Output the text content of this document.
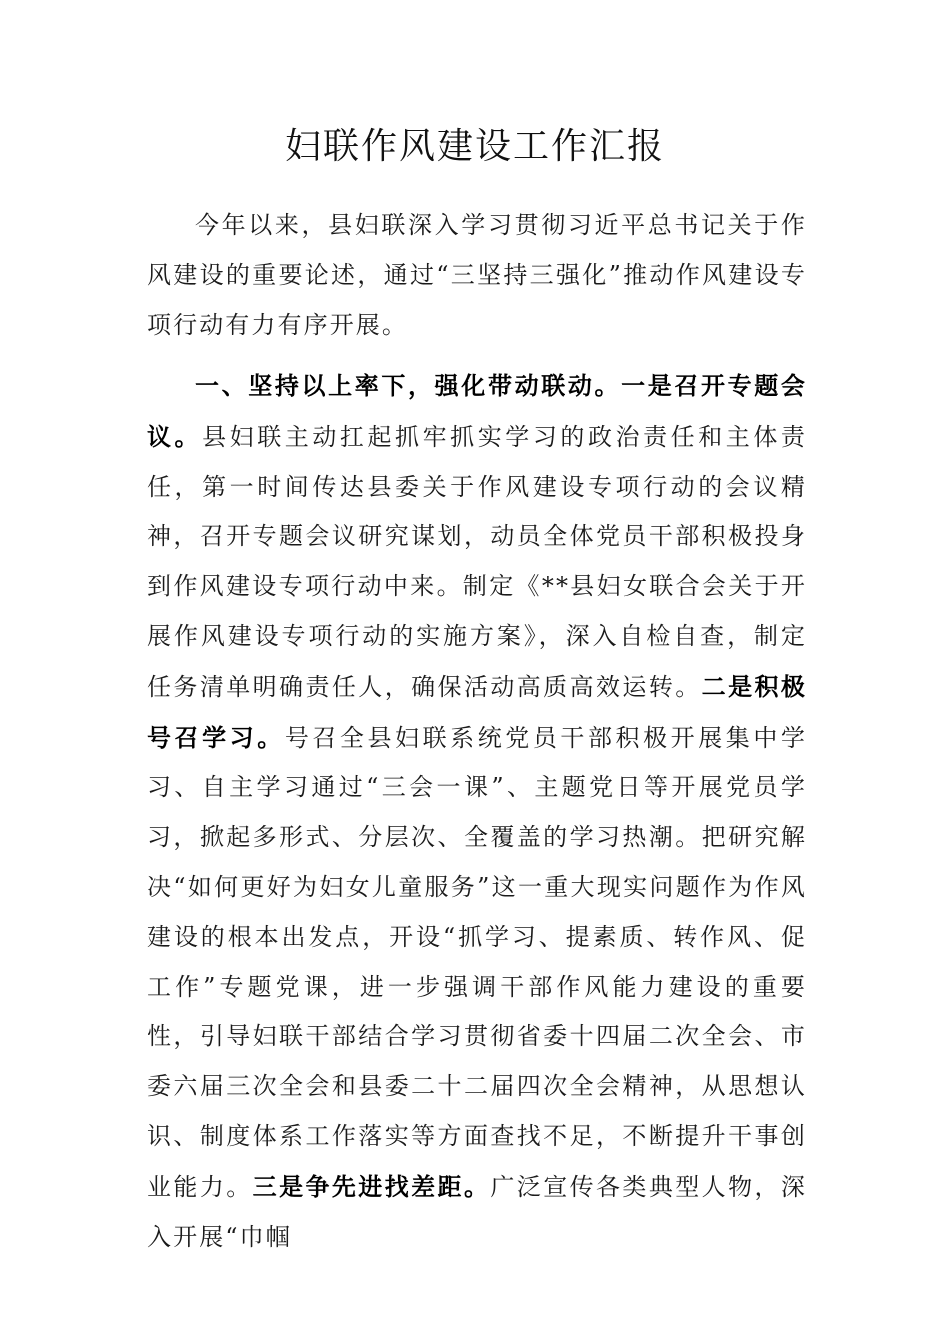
妇联作风建设工作汇报

今年以来，县妇联深入学习贯彻习近平总书记关于作风建设的重要论述，通过“三坚持三强化”推动作风建设专项行动有力有序开展。

一、坚持以上率下，强化带动联动。一是召开专题会议。县妇联主动扛起抓牢抓实学习的政治责任和主体责任，第一时间传达县委关于作风建设专项行动的会议精神，召开专题会议研究谋划，动员全体党员干部积极投身到作风建设专项行动中来。制定《**县妇女联合会关于开展作风建设专项行动的实施方案》，深入自检自查，制定任务清单明确责任人，确保活动高质高效运转。二是积极号召学习。号召全县妇联系统党员干部积极开展集中学习、自主学习通过“三会一课”、主题党日等开展党员学习，掀起多形式、分层次、全覆盖的学习热潮。把研究解决“如何更好为妇女儿童服务”这一重大现实问题作为作风建设的根本出发点，开设“抓学习、提素质、转作风、促工作”专题党课，进一步强调干部作风能力建设的重要性，引导妇联干部结合学习贯彻省委十四届二次全会、市委六届三次全会和县委二十二届四次全会精神，从思想认识、制度体系工作落实等方面查找不足，不断提升干事创业能力。三是争先进找差距。广泛宣传各类典型人物，深入开展“巾帼
